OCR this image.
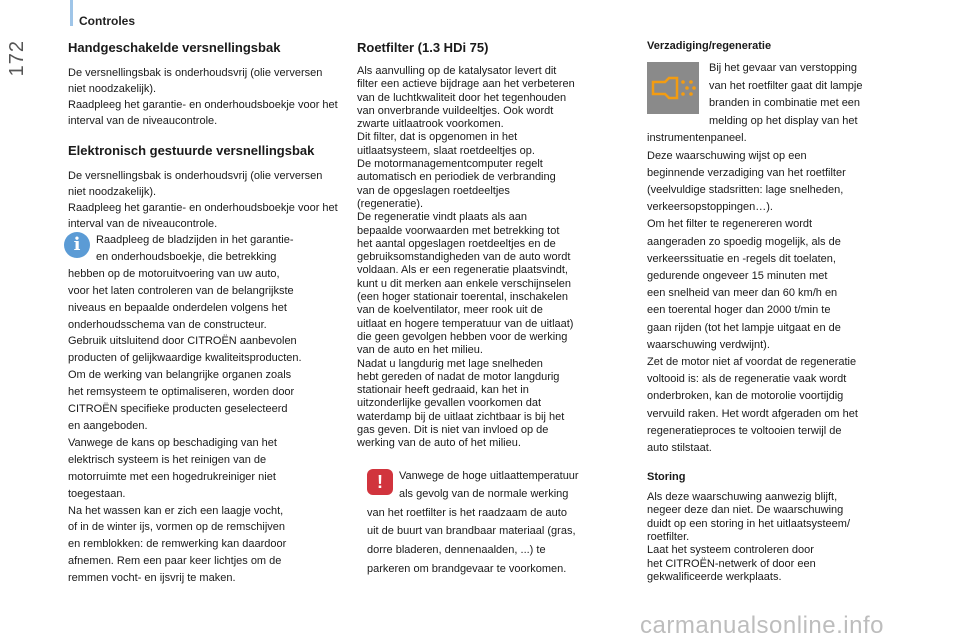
Controles
172	Handgeschakelde versnellingsbak

De versnellingsbak is onderhoudsvrij (olie verversen niet noodzakelijk).

Raadpleeg het garantie- en onderhoudsboekje voor het interval van de niveaucontrole.

Elektronisch gestuurde versnellingsbak

De versnellingsbak is onderhoudsvrij (olie verversen niet noodzakelijk).

Raadpleeg het garantie- en onderhoudsboekje voor het interval van de niveaucontrole.

i	Raadpleeg de bladzijden in het garantie-

en onderhoudsboekje, die betrekking

hebben op de motoruitvoering van uw auto,

voor het laten controleren van de belangrijkste

niveaus en bepaalde onderdelen volgens het

onderhoudsschema van de constructeur.

Gebruik uitsluitend door CITROËN aanbevolen

producten of gelijkwaardige kwaliteitsproducten.

Om de werking van belangrijke organen zoals

het remsysteem te optimaliseren, worden door

CITROËN specifieke producten geselecteerd

en aangeboden.

Vanwege de kans op beschadiging van het

elektrisch systeem is het reinigen van de

motorruimte met een hogedrukreiniger niet

toegestaan.

Na het wassen kan er zich een laagje vocht,

of in de winter ijs, vormen op de remschijven

en remblokken: de remwerking kan daardoor

afnemen. Rem een paar keer lichtjes om de

remmen vocht- en ijsvrij te maken.

Roetfilter (1.3 HDi 75)

Als aanvulling op de katalysator levert dit

filter een actieve bijdrage aan het verbeteren

van de luchtkwaliteit door het tegenhouden

van onverbrande vuildeeltjes. Ook wordt

zwarte uitlaatrook voorkomen.

Dit filter, dat is opgenomen in het

uitlaatsysteem, slaat roetdeeltjes op.

De motormanagementcomputer regelt

automatisch en periodiek de verbranding

van de opgeslagen roetdeeltjes

(regeneratie).

De regeneratie vindt plaats als aan

bepaalde voorwaarden met betrekking tot

het aantal opgeslagen roetdeeltjes en de

gebruiksomstandigheden van de auto wordt

voldaan. Als er een regeneratie plaatsvindt,

kunt u dit merken aan enkele verschijnselen

(een hoger stationair toerental, inschakelen

van de koelventilator, meer rook uit de

uitlaat en hogere temperatuur van de uitlaat)

die geen gevolgen hebben voor de werking

van de auto en het milieu.

Nadat u langdurig met lage snelheden

hebt gereden of nadat de motor langdurig

stationair heeft gedraaid, kan het in

uitzonderlijke gevallen voorkomen dat

waterdamp bij de uitlaat zichtbaar is bij het

gas geven. Dit is niet van invloed op de

werking van de auto of het milieu.

!	Vanwege de hoge uitlaattemperatuur

als gevolg van de normale werking

van het roetfilter is het raadzaam de auto

uit de buurt van brandbaar materiaal (gras,

dorre bladeren, dennenaalden, ...) te

parkeren om brandgevaar te voorkomen.

Verzadiging/regeneratie

Bij het gevaar van verstopping

van het roetfilter gaat dit lampje

branden in combinatie met een

melding op het display van het

instrumentenpaneel.

Deze waarschuwing wijst op een

beginnende verzadiging van het roetfilter

(veelvuldige stadsritten: lage snelheden,

verkeersopstoppingen…).

Om het filter te regenereren wordt

aangeraden zo spoedig mogelijk, als de

verkeerssituatie en -regels dit toelaten,

gedurende ongeveer 15 minuten met

een snelheid van meer dan 60 km/h en

een toerental hoger dan 2000 t/min te

gaan rijden (tot het lampje uitgaat en de

waarschuwing verdwijnt).

Zet de motor niet af voordat de regeneratie

voltooid is: als de regeneratie vaak wordt

onderbroken, kan de motorolie voortijdig

vervuild raken. Het wordt afgeraden om het

regeneratieproces te voltooien terwijl de

auto stilstaat.

Storing

Als deze waarschuwing aanwezig blijft,

negeer deze dan niet. De waarschuwing

duidt op een storing in het uitlaatsysteem/

roetfilter.

Laat het systeem controleren door

het CITROËN-netwerk of door een

gekwalificeerde werkplaats.

carmanualsonline.info
